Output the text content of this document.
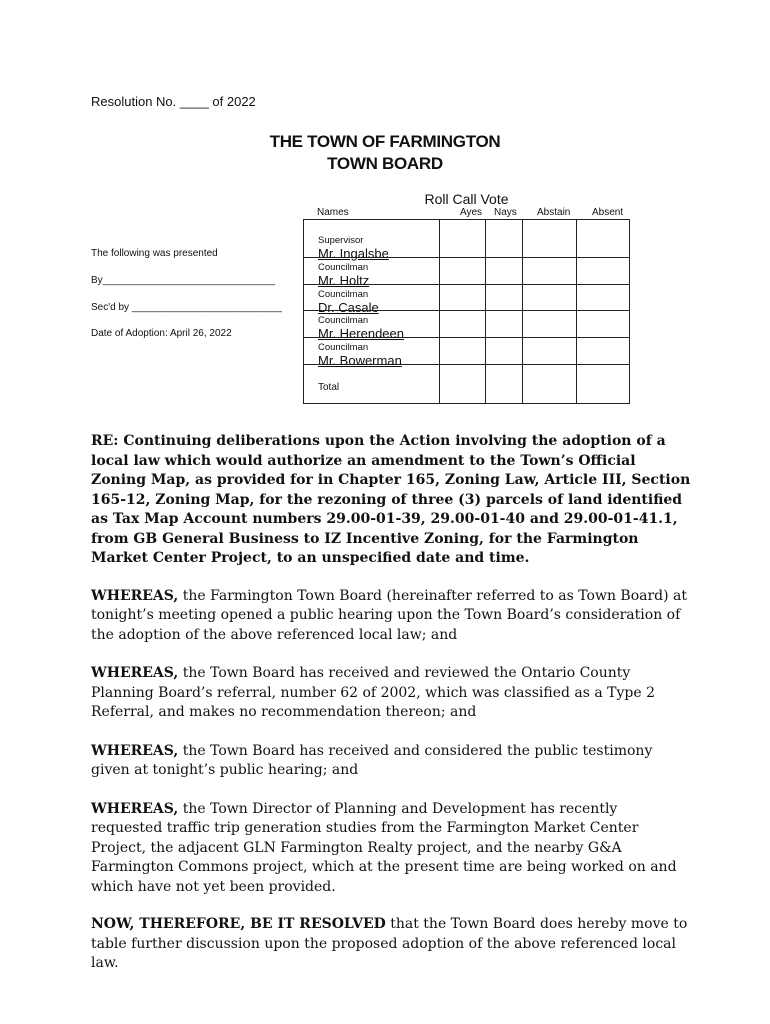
Resolution No. ____ of 2022
THE TOWN OF FARMINGTON
TOWN BOARD
Roll Call Vote
Names	Ayes Nays Abstain Absent
The following was presented
By_______________________________
Sec'd by ___________________________
Date of Adoption: April 26, 2022
Supervisor
Mr. Ingalsbe
Councilman
Mr. Holtz
Councilman
Dr. Casale
Councilman
Mr. Herendeen
Councilman
Mr. Bowerman
Total

RE: Continuing deliberations upon the Action involving the adoption of a local law which would authorize an amendment to the Town’s Official Zoning Map, as provided for in Chapter 165, Zoning Law, Article III, Section 165-12, Zoning Map, for the rezoning of three (3) parcels of land identified as Tax Map Account numbers 29.00-01-39, 29.00-01-40 and 29.00-01-41.1, from GB General Business to IZ Incentive Zoning, for the Farmington Market Center Project, to an unspecified date and time.

WHEREAS, the Farmington Town Board (hereinafter referred to as Town Board) at tonight’s meeting opened a public hearing upon the Town Board’s consideration of the adoption of the above referenced local law; and

WHEREAS, the Town Board has received and reviewed the Ontario County Planning Board’s referral, number 62 of 2002, which was classified as a Type 2 Referral, and makes no recommendation thereon; and

WHEREAS, the Town Board has received and considered the public testimony given at tonight’s public hearing; and

WHEREAS, the Town Director of Planning and Development has recently requested traffic trip generation studies from the Farmington Market Center Project, the adjacent GLN Farmington Realty project, and the nearby G&A Farmington Commons project, which at the present time are being worked on and which have not yet been provided.

NOW, THEREFORE, BE IT RESOLVED that the Town Board does hereby move to table further discussion upon the proposed adoption of the above referenced local law.
